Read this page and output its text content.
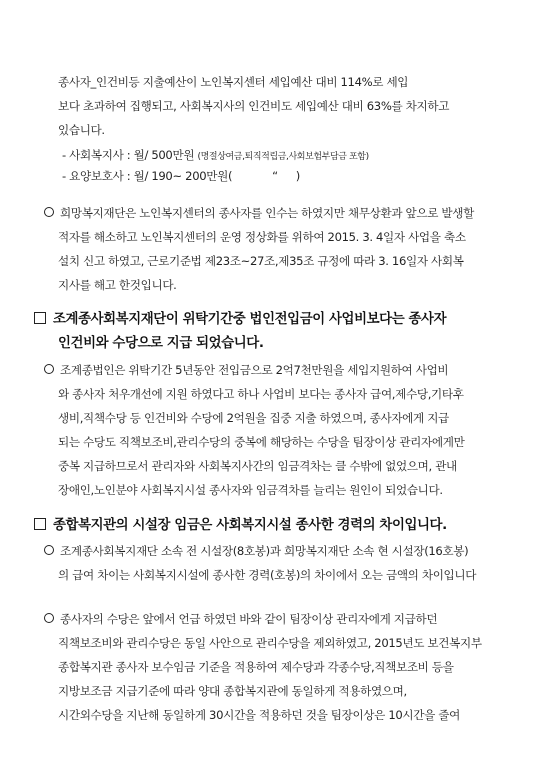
종사자_인건비등 지출예산이 노인복지센터 세입예산 대비 114%로 세입
보다 초과하여 집행되고, 사회복지사의 인건비도 세입예산 대비 63%를 차지하고
있습니다.
- 사회복지사 : 월/ 500만원 (명절상여금,퇴직적립금,사회보험부담금 포함)
- 요양보호사 : 월/ 190~ 200만원(	“ )
희망복지재단은 노인복지센터의 종사자를 인수는 하였지만 채무상환과 앞으로 발생할
적자를 해소하고 노인복지센터의 운영 정상화를 위하여 2015. 3. 4일자 사업을 축소
설치 신고 하였고, 근로기준법 제23조~27조,제35조 규정에 따라 3. 16일자 사회복
지사를 해고 한것입니다.
조계종사회복지재단이 위탁기간중 법인전입금이 사업비보다는 종사자
인건비와 수당으로 지급 되었습니다.
조계종법인은 위탁기간 5년동안 전입금으로 2억7천만원을 세입지원하여 사업비
와 종사자 처우개선에 지원 하였다고 하나 사업비 보다는 종사자 급여,제수당,기타후
생비,직책수당 등 인건비와 수당에 2억원을 집중 지출 하였으며, 종사자에게 지급
되는 수당도 직책보조비,관리수당의 중복에 해당하는 수당을 팀장이상 관리자에게만
중복 지급하므로서 관리자와 사회복지사간의 임금격차는 클 수밖에 없었으며, 관내
장애인,노인분야 사회복지시설 종사자와 임금격차를 늘리는 원인이 되었습니다.
종합복지관의 시설장 임금은 사회복지시설 종사한 경력의 차이입니다.
조계종사회복지재단 소속 전 시설장(8호봉)과 희망복지재단 소속 현 시설장(16호봉)
의 급여 차이는 사회복지시설에 종사한 경력(호봉)의 차이에서 오는 금액의 차이입니다
종사자의 수당은 앞에서 언급 하였던 바와 같이 팀장이상 관리자에게 지급하던
직책보조비와 관리수당은 동일 사안으로 관리수당을 제외하였고, 2015년도 보건복지부
종합복지관 종사자 보수임금 기준을 적용하여 제수당과 각종수당,직책보조비 등을
지방보조금 지급기준에 따라 양대 종합복지관에 동일하게 적용하였으며,
시간외수당을 지난해 동일하게 30시간을 적용하던 것을 팀장이상은 10시간을 줄여
